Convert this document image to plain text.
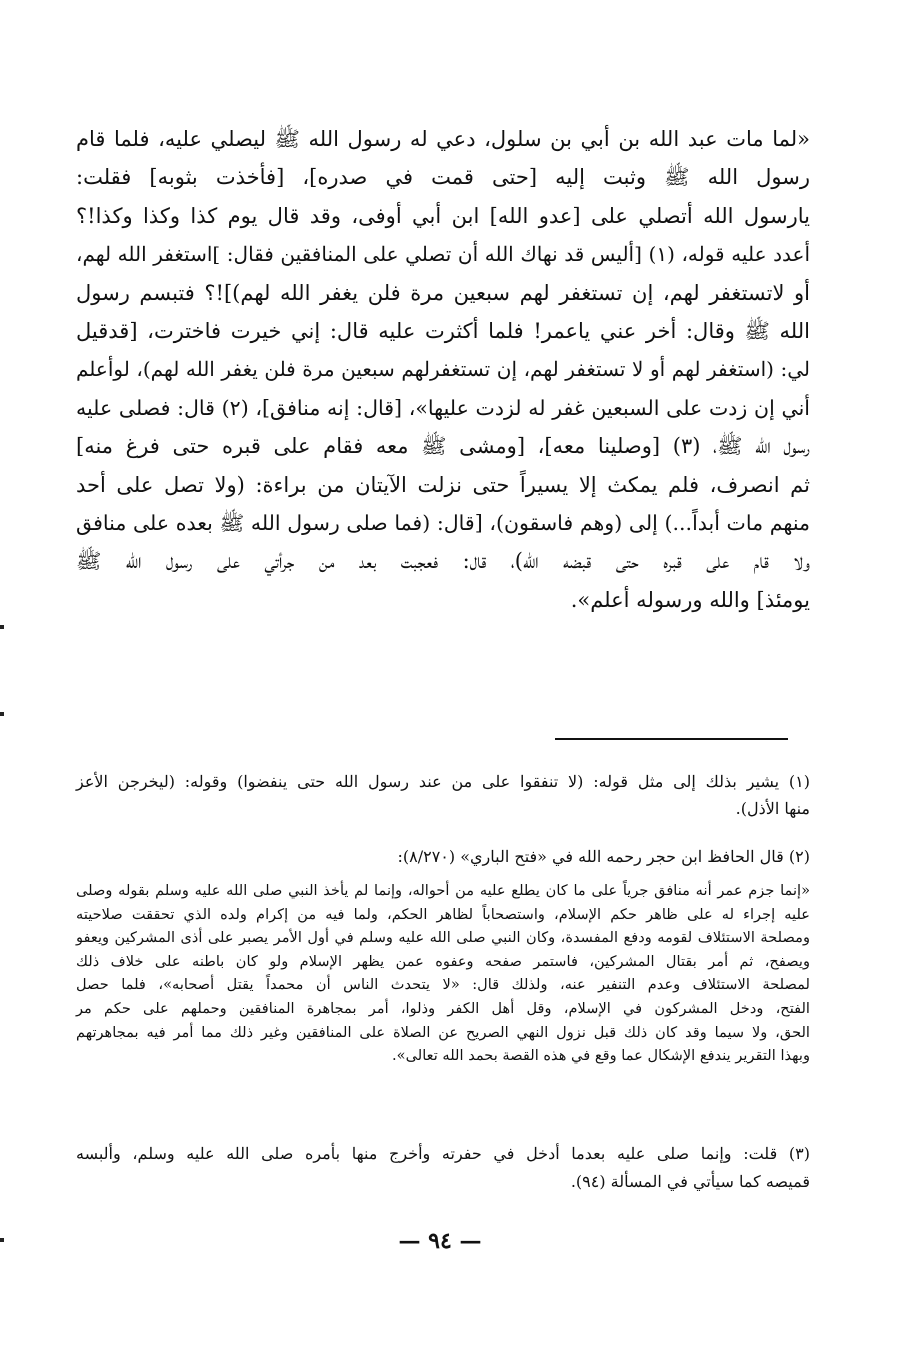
«لما مات عبد الله بن أبي بن سلول، دعي له رسول الله ﷺ ليصلي عليه، فلما قام
رسول الله ﷺ وثبت إليه [حتى قمت في صدره]، [فأخذت بثوبه] فقلت:
يارسول الله أتصلي على [عدو الله] ابن أبي أوفى، وقد قال يوم كذا وكذا وكذا!؟
أعدد عليه قوله، (١) [أليس قد نهاك الله أن تصلي على المنافقين فقال: ]استغفر الله لهم،
أو لاتستغفر لهم، إن تستغفر لهم سبعين مرة فلن يغفر الله لهم)]!؟ فتبسم رسول
الله ﷺ وقال: أخر عني ياعمر! فلما أكثرت عليه قال: إني خيرت فاخترت، [قدقيل
لي: (استغفر لهم أو لا تستغفر لهم، إن تستغفرلهم سبعين مرة فلن يغفر الله لهم)، لوأعلم
أني إن زدت على السبعين غفر له لزدت عليها»، [قال: إنه منافق]، (٢) قال: فصلى عليه
رسول الله ﷺ، (٣) [وصلينا معه]، [ومشى ﷺ معه فقام على قبره حتى فرغ منه]
ثم انصرف، فلم يمكث إلا يسيراً حتى نزلت الآيتان من براءة: (ولا تصل على أحد
منهم مات أبداً...) إلى (وهم فاسقون)، [قال: (فما صلى رسول الله ﷺ بعده على منافق
ولا قام على قبره حتى قبضه الله)، قال: فعجبت بعد من جرأتي على رسول الله ﷺ
يومئذ] والله ورسوله أعلم».
(١) يشير بذلك إلى مثل قوله: (لا تنفقوا على من عند رسول الله حتى ينفضوا) وقوله: (ليخرجن الأعز
منها الأذل).
(٢) قال الحافظ ابن حجر رحمه الله في «فتح الباري» (٨/٢٧٠):
«إنما جزم عمر أنه منافق جرياً على ما كان يطلع عليه من أحواله، وإنما لم يأخذ النبي صلى الله عليه وسلم بقوله وصلى
عليه إجراء له على ظاهر حكم الإسلام، واستصحاباً لظاهر الحكم، ولما فيه من إكرام ولده الذي تحققت صلاحيته
ومصلحة الاستئلاف لقومه ودفع المفسدة، وكان النبي صلى الله عليه وسلم في أول الأمر يصبر على أذى المشركين ويعفو
ويصفح، ثم أمر بقتال المشركين، فاستمر صفحه وعفوه عمن يظهر الإسلام ولو كان باطنه على خلاف ذلك
لمصلحة الاستئلاف وعدم التنفير عنه، ولذلك قال: «لا يتحدث الناس أن محمداً يقتل أصحابه»، فلما حصل
الفتح، ودخل المشركون في الإسلام، وقل أهل الكفر وذلوا، أمر بمجاهرة المنافقين وحملهم على حكم مر
الحق، ولا سيما وقد كان ذلك قبل نزول النهي الصريح عن الصلاة على المنافقين وغير ذلك مما أمر فيه بمجاهرتهم
وبهذا التقرير يندفع الإشكال عما وقع في هذه القصة بحمد الله تعالى».
(٣) قلت: وإنما صلى عليه بعدما أدخل في حفرته وأخرج منها بأمره صلى الله عليه وسلم، وألبسه
قميصه كما سيأتي في المسألة (٩٤).
— ٩٤ —
